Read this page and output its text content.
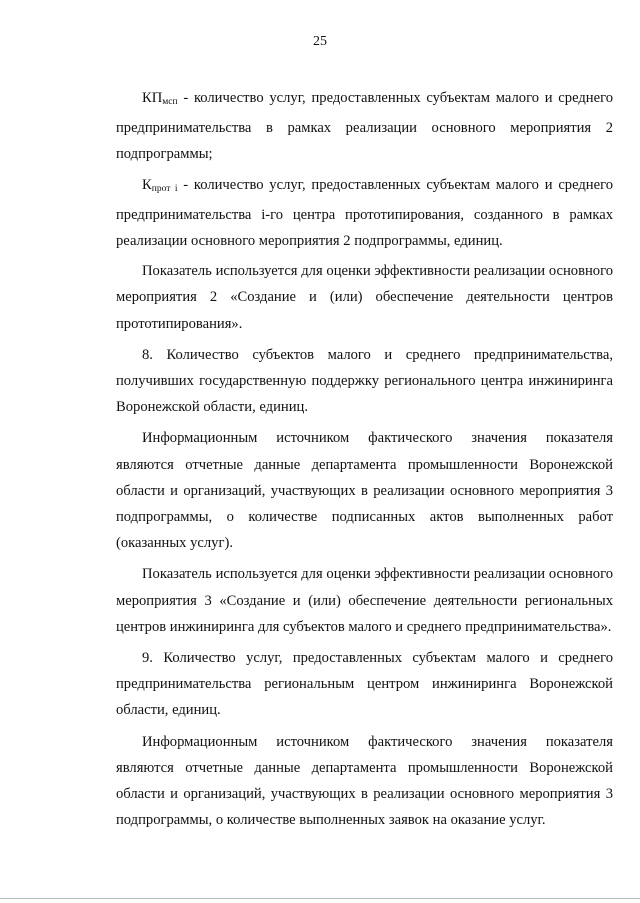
25

$КП_{мсп}$ - количество услуг, предоставленных субъектам малого и среднего предпринимательства в рамках реализации основного мероприятия 2 подпрограммы;

$К_{прот i}$ - количество услуг, предоставленных субъектам малого и среднего предпринимательства i-го центра прототипирования, созданного в рамках реализации основного мероприятия 2 подпрограммы, единиц.

Показатель используется для оценки эффективности реализации основного мероприятия 2 «Создание и (или) обеспечение деятельности центров прототипирования».

8. Количество субъектов малого и среднего предпринимательства, получивших государственную поддержку регионального центра инжиниринга Воронежской области, единиц.

Информационным источником фактического значения показателя являются отчетные данные департамента промышленности Воронежской области и организаций, участвующих в реализации основного мероприятия 3 подпрограммы, о количестве подписанных актов выполненных работ (оказанных услуг).

Показатель используется для оценки эффективности реализации основного мероприятия 3 «Создание и (или) обеспечение деятельности региональных центров инжиниринга для субъектов малого и среднего предпринимательства».

9. Количество услуг, предоставленных субъектам малого и среднего предпринимательства региональным центром инжиниринга Воронежской области, единиц.

Информационным источником фактического значения показателя являются отчетные данные департамента промышленности Воронежской области и организаций, участвующих в реализации основного мероприятия 3 подпрограммы, о количестве выполненных заявок на оказание услуг.
